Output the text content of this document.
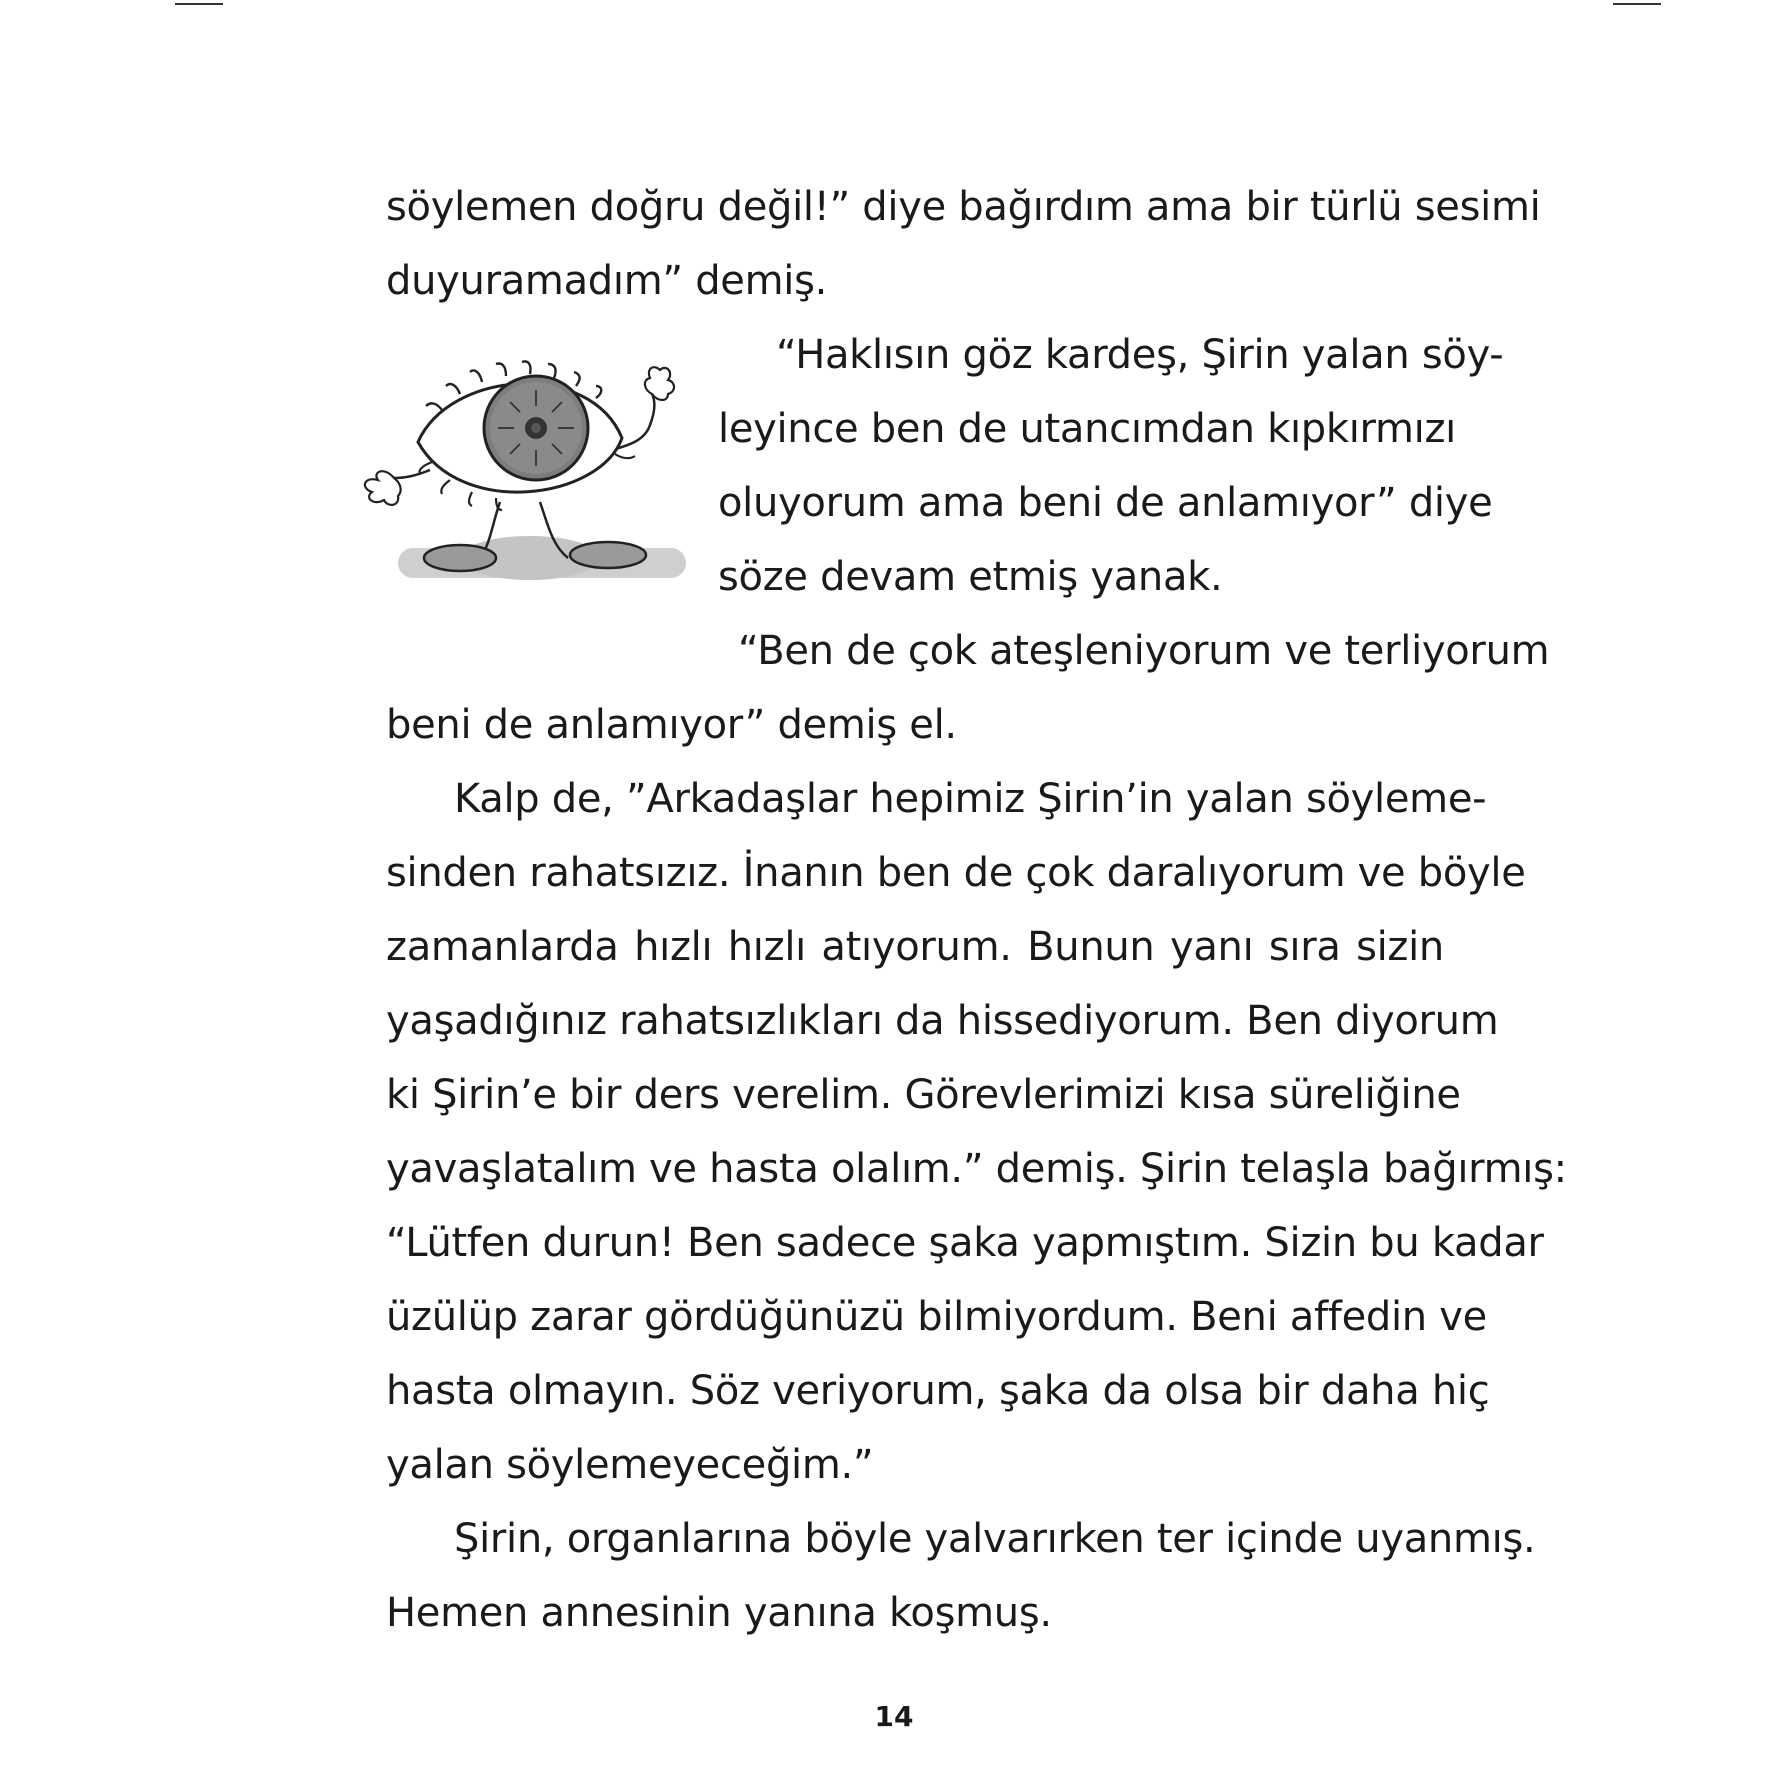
söylemen doğru değil!” diye bağırdım ama bir türlü sesimi
duyuramadım” demiş.
“Haklısın göz kardeş, Şirin yalan söy-
leyince ben de utancımdan kıpkırmızı
oluyorum ama beni de anlamıyor” diye
söze devam etmiş yanak.
“Ben de çok ateşleniyorum ve terliyorum
beni de anlamıyor” demiş el.
Kalp de, ”Arkadaşlar hepimiz Şirin’in yalan söyleme-
sinden rahatsızız. İnanın ben de çok daralıyorum ve böyle
zamanlarda hızlı hızlı atıyorum. Bunun yanı sıra sizin
yaşadığınız rahatsızlıkları da hissediyorum. Ben diyorum
ki Şirin’e bir ders verelim. Görevlerimizi kısa süreliğine
yavaşlatalım ve hasta olalım.” demiş. Şirin telaşla bağırmış:
“Lütfen durun! Ben sadece şaka yapmıştım. Sizin bu kadar
üzülüp zarar gördüğünüzü bilmiyordum. Beni affedin ve
hasta olmayın. Söz veriyorum, şaka da olsa bir daha hiç
yalan söylemeyeceğim.”
Şirin, organlarına böyle yalvarırken ter içinde uyanmış.
Hemen annesinin yanına koşmuş.
14
